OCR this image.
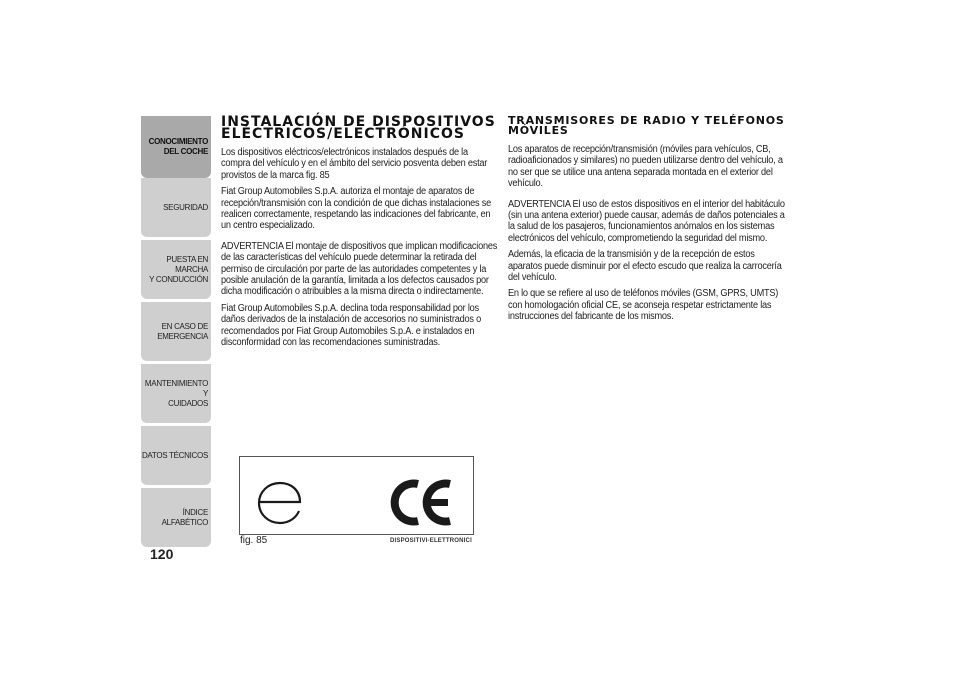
CONOCIMIENTO
DEL COCHE
SEGURIDAD
PUESTA EN MARCHA
Y CONDUCCIÓN
EN CASO DE
EMERGENCIA
MANTENIMIENTO Y
CUIDADOS
DATOS TÉCNICOS
ÍNDICE ALFABÉTICO
120
INSTALACIÓN DE DISPOSITIVOS ELÉCTRICOS/ELECTRÓNICOS

Los dispositivos eléctricos/electrónicos instalados después de la compra del vehículo y en el ámbito del servicio posventa deben estar provistos de la marca fig. 85

Fiat Group Automobiles S.p.A. autoriza el montaje de aparatos de recepción/transmisión con la condición de que dichas instalaciones se realicen correctamente, respetando las indicaciones del fabricante, en un centro especializado.

ADVERTENCIA El montaje de dispositivos que implican modificaciones de las características del vehículo puede determinar la retirada del permiso de circulación por parte de las autoridades competentes y la posible anulación de la garantía, limitada a los defectos causados por dicha modificación o atribuibles a la misma directa o indirectamente.

Fiat Group Automobiles S.p.A. declina toda responsabilidad por los daños derivados de la instalación de accesorios no suministrados o recomendados por Fiat Group Automobiles S.p.A. e instalados en disconformidad con las recomendaciones suministradas.

TRANSMISORES DE RADIO Y TELÉFONOS MÓVILES

Los aparatos de recepción/transmisión (móviles para vehículos, CB, radioaficionados y similares) no pueden utilizarse dentro del vehículo, a no ser que se utilice una antena separada montada en el exterior del vehículo.

ADVERTENCIA El uso de estos dispositivos en el interior del habitáculo (sin una antena exterior) puede causar, además de daños potenciales a la salud de los pasajeros, funcionamientos anómalos en los sistemas electrónicos del vehículo, comprometiendo la seguridad del mismo.

Además, la eficacia de la transmisión y de la recepción de estos aparatos puede disminuir por el efecto escudo que realiza la carrocería del vehículo.

En lo que se refiere al uso de teléfonos móviles (GSM, GPRS, UMTS) con homologación oficial CE, se aconseja respetar estrictamente las instrucciones del fabricante de los mismos.

fig. 85	DISPOSITIVI-ELETTRONICI
